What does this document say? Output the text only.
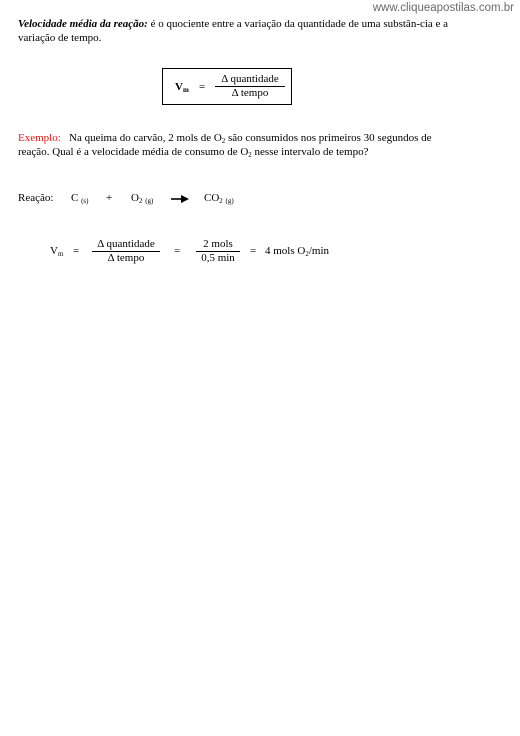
www.cliqueapostilas.com.br
Velocidade média da reação: é o quociente entre a variação da quantidade de uma substân-cia e a
variação de tempo.
$V_m$ =
Δ quantidade
Δ tempo
Exemplo: Na queima do carvão, 2 mols de $O_2$ são consumidos nos primeiros 30 segundos de
reação. Qual é a velocidade média de consumo de $O_2$ nesse intervalo de tempo?
Reação: C $_{(s)} + O_2$ $_{(g)} \to CO_2$ $_{(g)}$
$V_m$ =
Δ quantidade
Δ tempo
=
2 mols
0,5 min
= 4 mols $O_2/\min$
